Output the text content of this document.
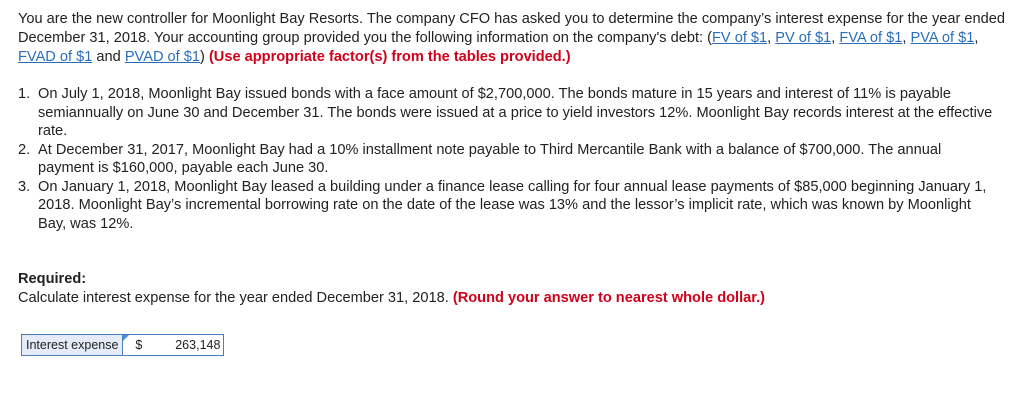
You are the new controller for Moonlight Bay Resorts. The company CFO has asked you to determine the company’s interest expense for the year ended December 31, 2018. Your accounting group provided you the following information on the company's debt: (FV of $1, PV of $1, FVA of $1, PVA of $1, FVAD of $1 and PVAD of $1) (Use appropriate factor(s) from the tables provided.)
1. On July 1, 2018, Moonlight Bay issued bonds with a face amount of $2,700,000. The bonds mature in 15 years and interest of 11% is payable semiannually on June 30 and December 31. The bonds were issued at a price to yield investors 12%. Moonlight Bay records interest at the effective rate.
2. At December 31, 2017, Moonlight Bay had a 10% installment note payable to Third Mercantile Bank with a balance of $700,000. The annual payment is $160,000, payable each June 30.
3. On January 1, 2018, Moonlight Bay leased a building under a finance lease calling for four annual lease payments of $85,000 beginning January 1, 2018. Moonlight Bay’s incremental borrowing rate on the date of the lease was 13% and the lessor’s implicit rate, which was known by Moonlight Bay, was 12%.
Required:
Calculate interest expense for the year ended December 31, 2018. (Round your answer to nearest whole dollar.)
Interest expense	$	263,148
